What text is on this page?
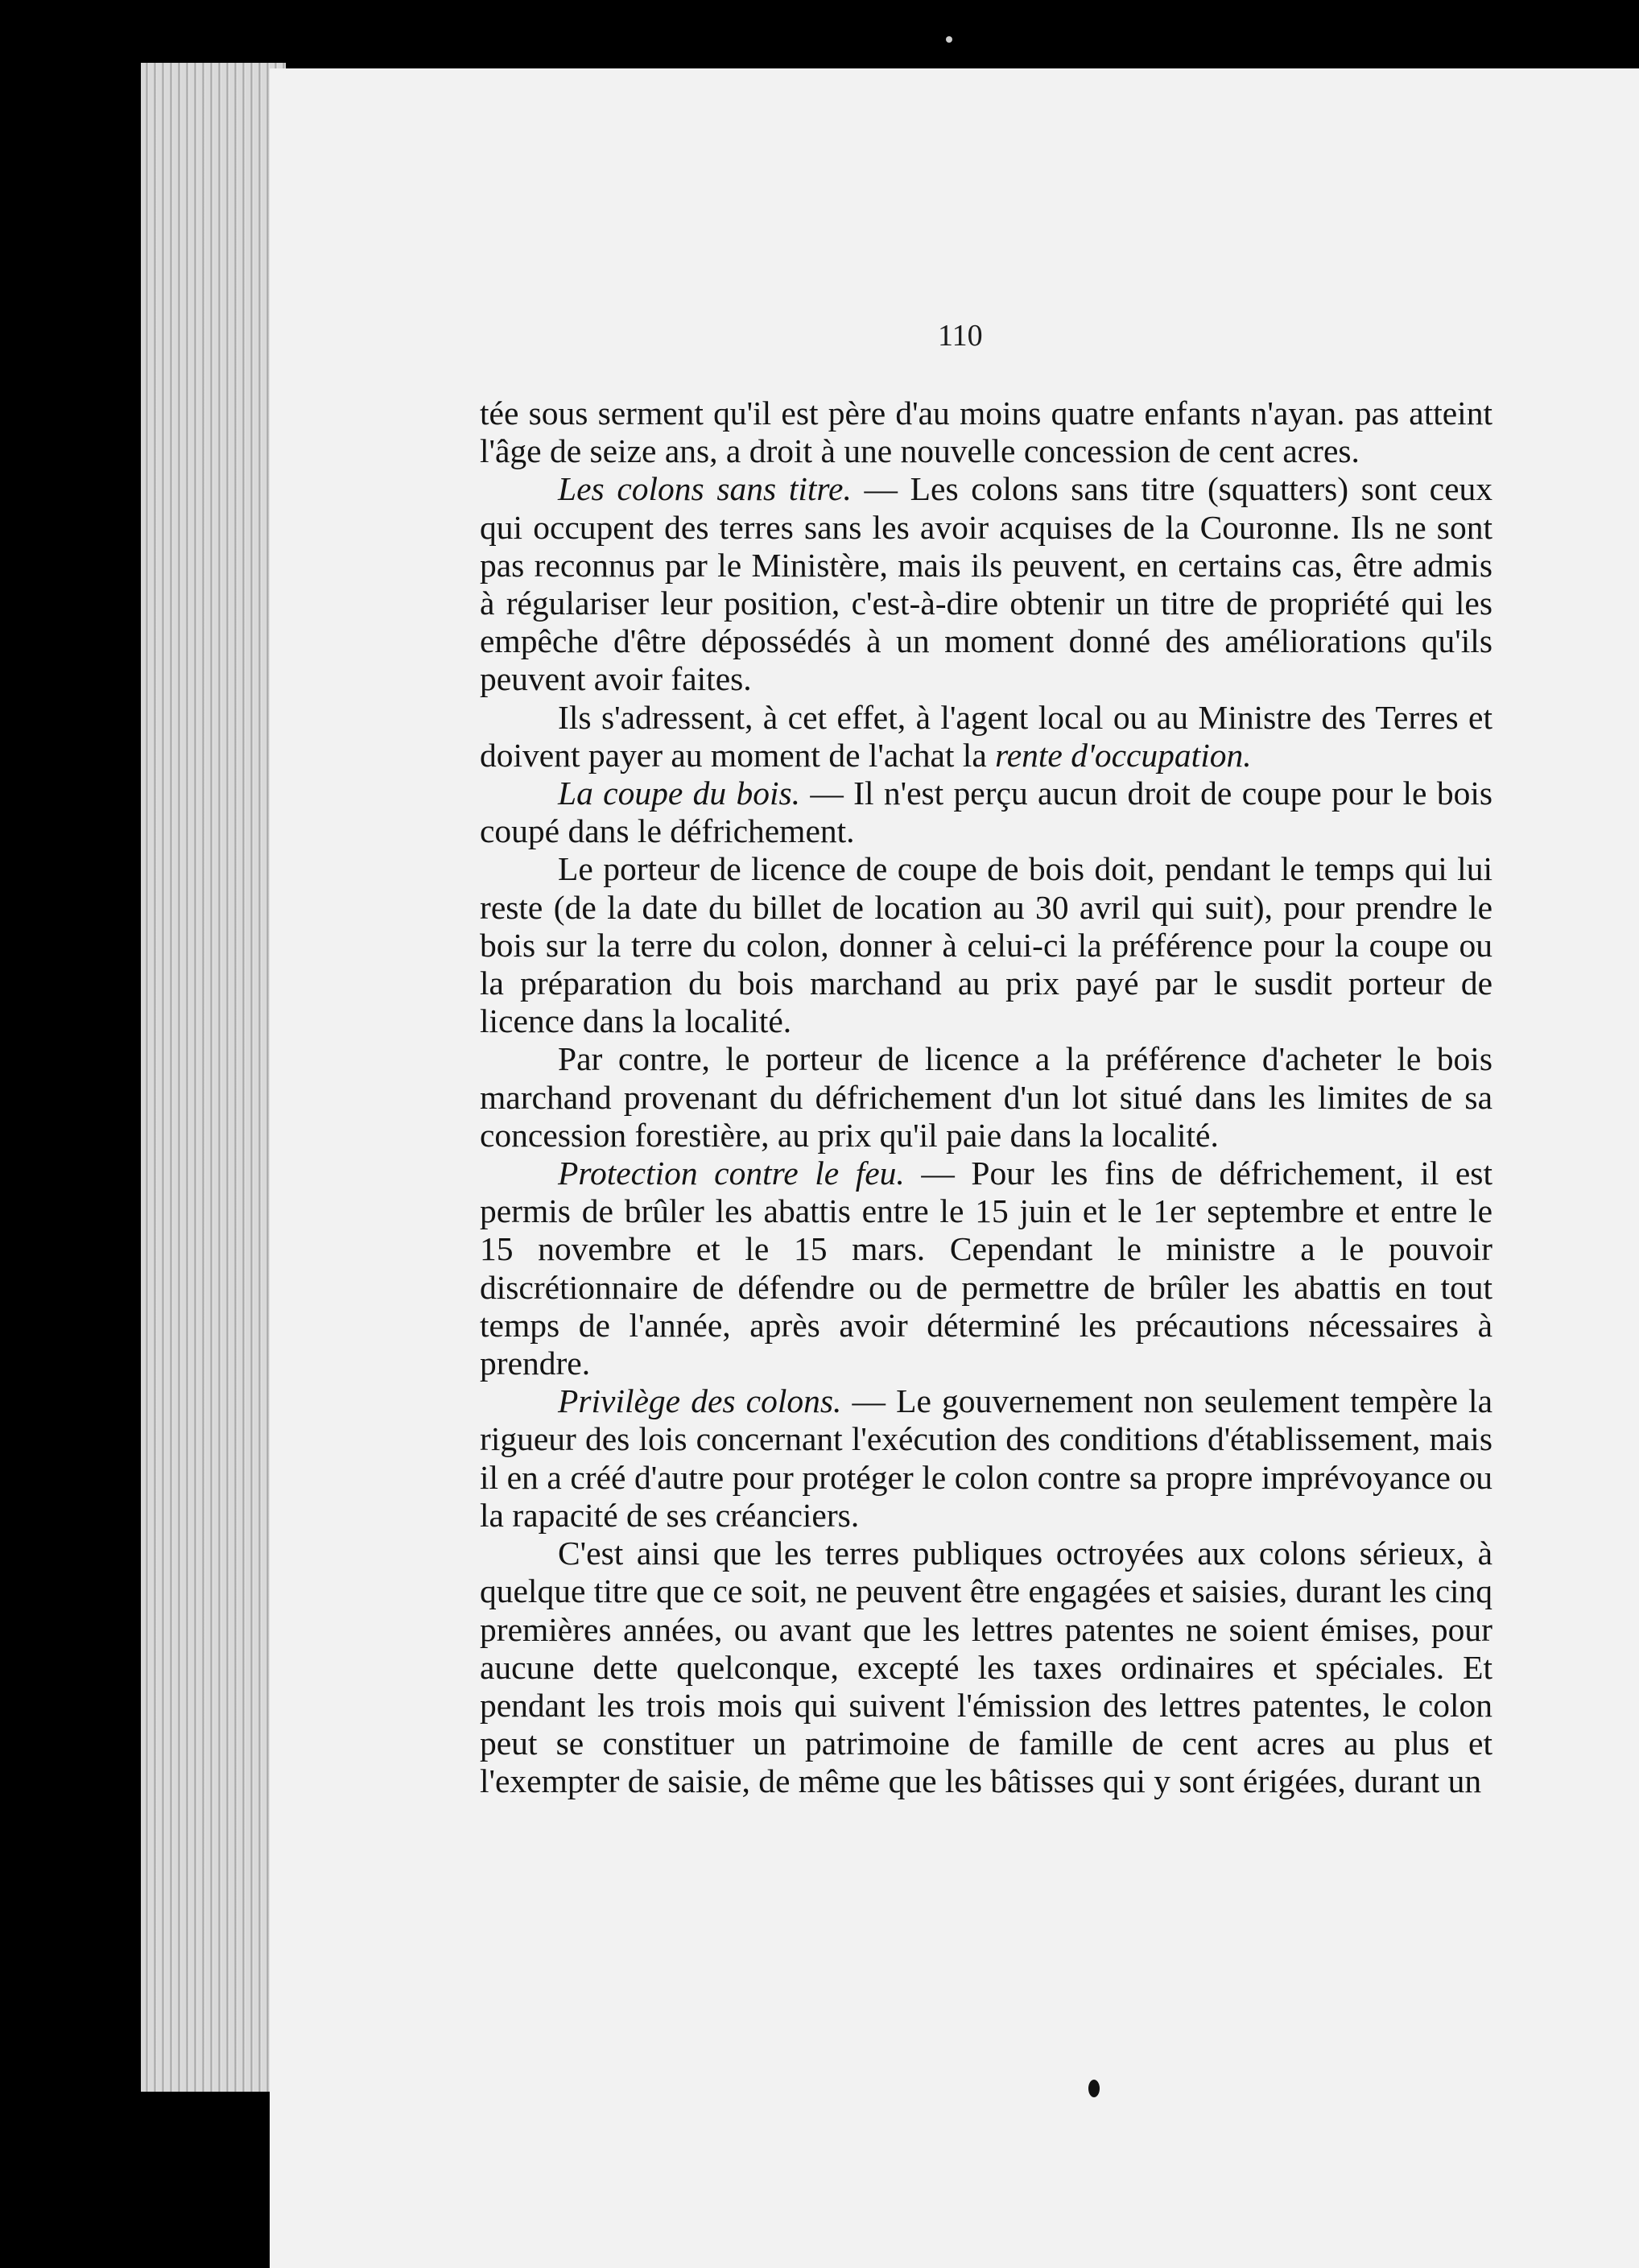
110

tée sous serment qu'il est père d'au moins quatre enfants n'ayan. pas atteint l'âge de seize ans, a droit à une nouvelle concession de cent acres.

Les colons sans titre. — Les colons sans titre (squatters) sont ceux qui occupent des terres sans les avoir acquises de la Couronne. Ils ne sont pas reconnus par le Ministère, mais ils peuvent, en certains cas, être admis à régulariser leur position, c'est-à-dire obtenir un titre de propriété qui les empêche d'être dépossédés à un moment donné des améliorations qu'ils peuvent avoir faites.

Ils s'adressent, à cet effet, à l'agent local ou au Ministre des Terres et doivent payer au moment de l'achat la rente d'occupation.

La coupe du bois. — Il n'est perçu aucun droit de coupe pour le bois coupé dans le défrichement.

Le porteur de licence de coupe de bois doit, pendant le temps qui lui reste (de la date du billet de location au 30 avril qui suit), pour prendre le bois sur la terre du colon, donner à celui-ci la préférence pour la coupe ou la préparation du bois marchand au prix payé par le susdit porteur de licence dans la localité.

Par contre, le porteur de licence a la préférence d'acheter le bois marchand provenant du défrichement d'un lot situé dans les limites de sa concession forestière, au prix qu'il paie dans la localité.

Protection contre le feu. — Pour les fins de défrichement, il est permis de brûler les abattis entre le 15 juin et le 1er septembre et entre le 15 novembre et le 15 mars. Cependant le ministre a le pouvoir discrétionnaire de défendre ou de permettre de brûler les abattis en tout temps de l'année, après avoir déterminé les précautions nécessaires à prendre.

Privilège des colons. — Le gouvernement non seulement tempère la rigueur des lois concernant l'exécution des conditions d'établissement, mais il en a créé d'autre pour protéger le colon contre sa propre imprévoyance ou la rapacité de ses créanciers.

C'est ainsi que les terres publiques octroyées aux colons sérieux, à quelque titre que ce soit, ne peuvent être engagées et saisies, durant les cinq premières années, ou avant que les lettres patentes ne soient émises, pour aucune dette quelconque, excepté les taxes ordinaires et spéciales. Et pendant les trois mois qui suivent l'émission des lettres patentes, le colon peut se constituer un patrimoine de famille de cent acres au plus et l'exempter de saisie, de même que les bâtisses qui y sont érigées, durant un
